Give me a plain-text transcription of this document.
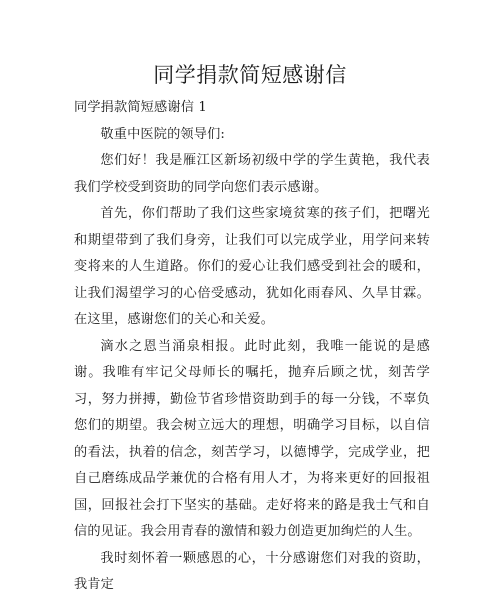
同学捐款简短感谢信

同学捐款简短感谢信 1

敬重中医院的领导们:

您们好！我是雁江区新场初级中学的学生黄艳，我代表我们学校受到资助的同学向您们表示感谢。

首先，你们帮助了我们这些家境贫寒的孩子们，把曙光和期望带到了我们身旁，让我们可以完成学业，用学问来转变将来的人生道路。你们的爱心让我们感受到社会的暖和，让我们渴望学习的心倍受感动，犹如化雨春风、久旱甘霖。在这里，感谢您们的关心和关爱。

滴水之恩当涌泉相报。此时此刻，我唯一能说的是感谢。我唯有牢记父母师长的嘱托，抛弃后顾之忧，刻苦学习，努力拼搏，勤俭节省珍惜资助到手的每一分钱，不辜负您们的期望。我会树立远大的理想，明确学习目标，以自信的看法，执着的信念，刻苦学习，以德博学，完成学业，把自己磨练成品学兼优的合格有用人才，为将来更好的回报祖国，回报社会打下坚实的基础。走好将来的路是我士气和自信的见证。我会用青春的激情和毅力创造更加绚烂的人生。

我时刻怀着一颗感恩的心，十分感谢您们对我的资助，我肯定
